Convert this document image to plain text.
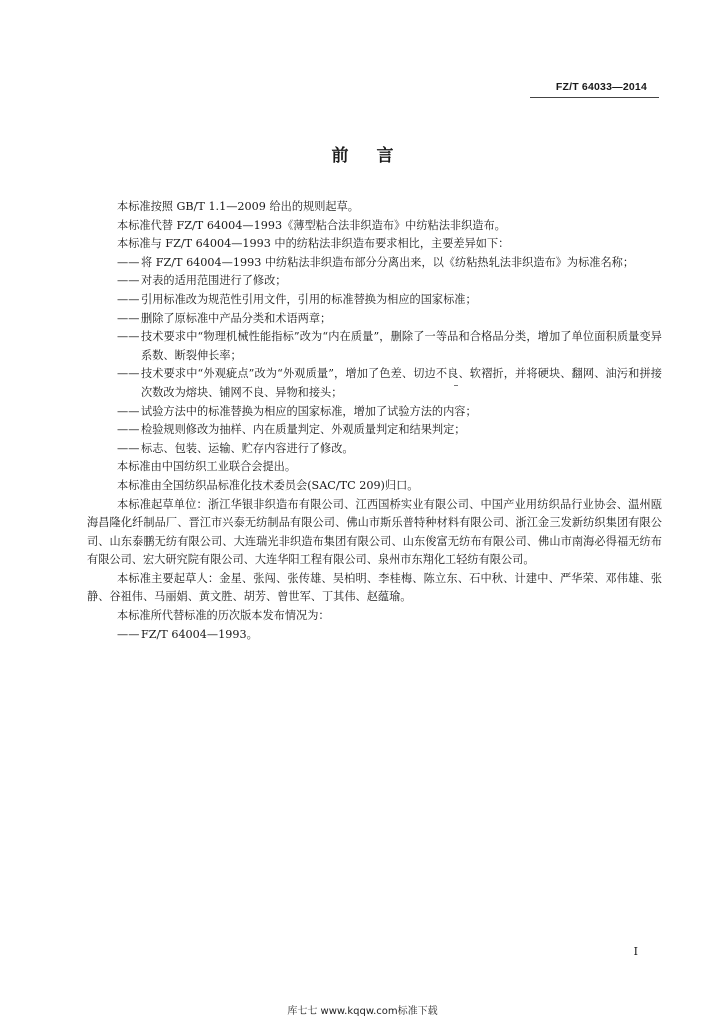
FZ/T 64033—2014
前言

本标准按照 GB/T 1.1—2009 给出的规则起草。

本标准代替 FZ/T 64004—1993《薄型粘合法非织造布》中纺粘法非织造布。

本标准与 FZ/T 64004—1993 中的纺粘法非织造布要求相比，主要差异如下：

—— 将 FZ/T 64004—1993 中纺粘法非织造布部分分离出来，以《纺粘热轧法非织造布》为标准名称；
—— 对表的适用范围进行了修改；
—— 引用标准改为规范性引用文件，引用的标准替换为相应的国家标准；
—— 删除了原标准中产品分类和术语两章；
—— 技术要求中“物理机械性能指标”改为“内在质量”，删除了一等品和合格品分类，增加了单位面积质量变异系数、断裂伸长率；
—— 技术要求中“外观疵点”改为“外观质量”，增加了色差、切边不良、软褶折，并将硬块、翻网、油污和拼接次数改为熔块、铺网不良、异物和接头；
—— 试验方法中的标准替换为相应的国家标准，增加了试验方法的内容；
—— 检验规则修改为抽样、内在质量判定、外观质量判定和结果判定；
—— 标志、包装、运输、贮存内容进行了修改。

本标准由中国纺织工业联合会提出。

本标准由全国纺织品标准化技术委员会(SAC/TC 209)归口。

本标准起草单位：浙江华银非织造布有限公司、江西国桥实业有限公司、中国产业用纺织品行业协会、温州瓯海昌隆化纤制品厂、晋江市兴泰无纺制品有限公司、佛山市斯乐普特种材料有限公司、浙江金三发新纺织集团有限公司、山东泰鹏无纺有限公司、大连瑞光非织造布集团有限公司、山东俊富无纺布有限公司、佛山市南海必得福无纺布有限公司、宏大研究院有限公司、大连华阳工程有限公司、泉州市东翔化工轻纺有限公司。

本标准主要起草人：金星、张闯、张传雄、吴柏明、李桂梅、陈立东、石中秋、计建中、严华荣、邓伟雄、张静、谷祖伟、马丽娟、黄文胜、胡芳、曾世军、丁其伟、赵蕴瑜。

本标准所代替标准的历次版本发布情况为：

—— FZ/T 64004—1993。
I
库七七 www.kqqw.com标准下载
